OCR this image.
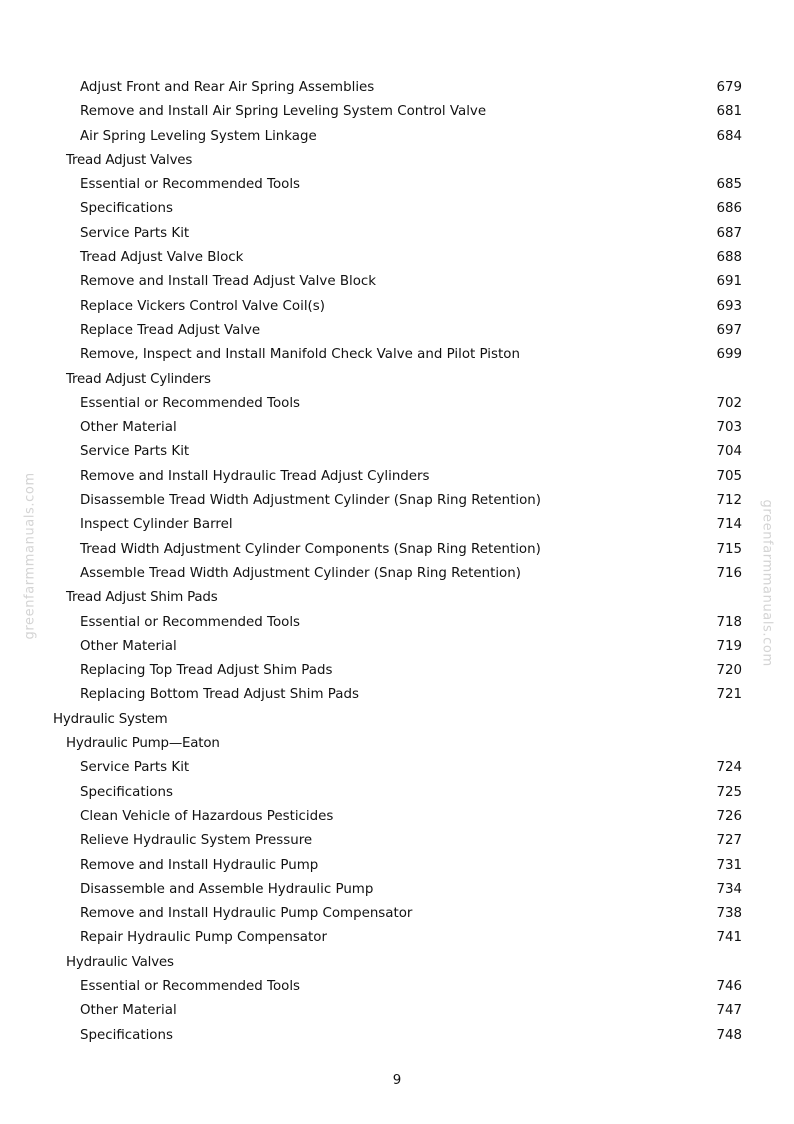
greenfarmmanuals.com	greenfarmmanuals.com
Adjust Front and Rear Air Spring Assemblies	679
Remove and Install Air Spring Leveling System Control Valve	681
Air Spring Leveling System Linkage	684
Tread Adjust Valves
Essential or Recommended Tools	685
Specifications	686
Service Parts Kit	687
Tread Adjust Valve Block	688
Remove and Install Tread Adjust Valve Block	691
Replace Vickers Control Valve Coil(s)	693
Replace Tread Adjust Valve	697
Remove, Inspect and Install Manifold Check Valve and Pilot Piston	699
Tread Adjust Cylinders
Essential or Recommended Tools	702
Other Material	703
Service Parts Kit	704
Remove and Install Hydraulic Tread Adjust Cylinders	705
Disassemble Tread Width Adjustment Cylinder (Snap Ring Retention)	712
Inspect Cylinder Barrel	714
Tread Width Adjustment Cylinder Components (Snap Ring Retention)	715
Assemble Tread Width Adjustment Cylinder (Snap Ring Retention)	716
Tread Adjust Shim Pads
Essential or Recommended Tools	718
Other Material	719
Replacing Top Tread Adjust Shim Pads	720
Replacing Bottom Tread Adjust Shim Pads	721
Hydraulic System
Hydraulic Pump—Eaton
Service Parts Kit	724
Specifications	725
Clean Vehicle of Hazardous Pesticides	726
Relieve Hydraulic System Pressure	727
Remove and Install Hydraulic Pump	731
Disassemble and Assemble Hydraulic Pump	734
Remove and Install Hydraulic Pump Compensator	738
Repair Hydraulic Pump Compensator	741
Hydraulic Valves
Essential or Recommended Tools	746
Other Material	747
Specifications	748
9
